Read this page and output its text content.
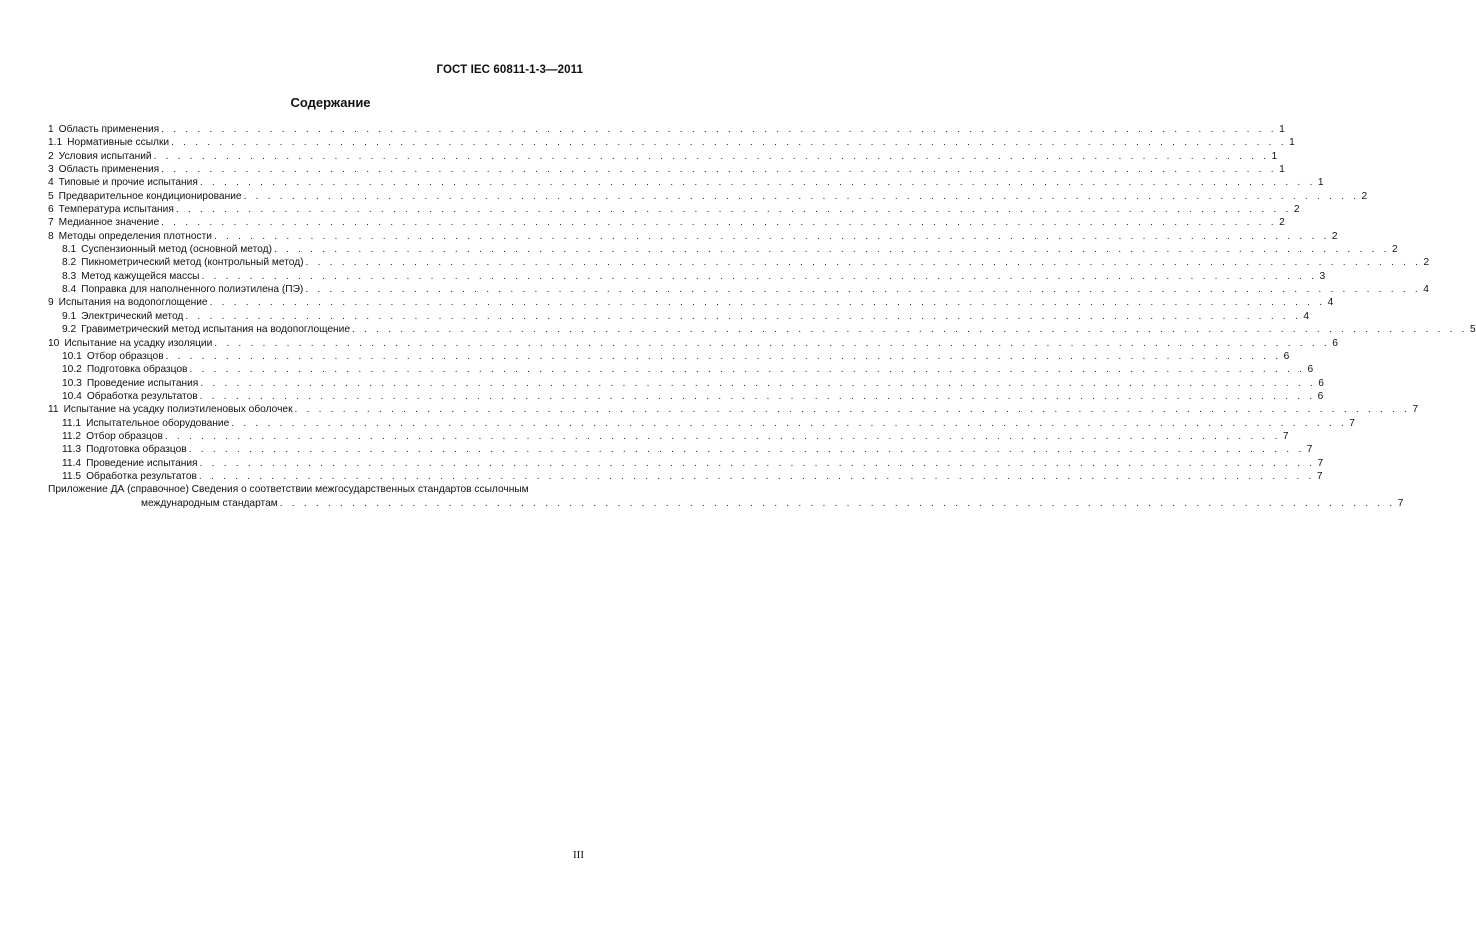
ГОСТ IEC 60811-1-3—2011
Содержание
1 Область применения . . . . . . . . . . . . . . . . . . . . . . . . . . . . . . . . . . . . . . . . . . . . . . . . . . . . . . . . . . . . . . . . . . . . . . . . . . . . . . . . . . . . . . . . . . . . . 1
1.1 Нормативные ссылки . . . . . . . . . . . . . . . . . . . . . . . . . . . . . . . . . . . . . . . . . . . . . . . . . . . . . . . . . . . . . . . . . . . . . . . . . . . . . . . . . . . . . . . . . . . . . 1
2 Условия испытаний . . . . . . . . . . . . . . . . . . . . . . . . . . . . . . . . . . . . . . . . . . . . . . . . . . . . . . . . . . . . . . . . . . . . . . . . . . . . . . . . . . . . . . . . . . . . . 1
3 Область применения . . . . . . . . . . . . . . . . . . . . . . . . . . . . . . . . . . . . . . . . . . . . . . . . . . . . . . . . . . . . . . . . . . . . . . . . . . . . . . . . . . . . . . . . . . . . . 1
4 Типовые и прочие испытания . . . . . . . . . . . . . . . . . . . . . . . . . . . . . . . . . . . . . . . . . . . . . . . . . . . . . . . . . . . . . . . . . . . . . . . . . . . . . . . . . . . . . . . . . . . . . 1
5 Предварительное кондиционирование . . . . . . . . . . . . . . . . . . . . . . . . . . . . . . . . . . . . . . . . . . . . . . . . . . . . . . . . . . . . . . . . . . . . . . . . . . . . . . . . . . . . . . . . . . . . . 2
6 Температура испытания . . . . . . . . . . . . . . . . . . . . . . . . . . . . . . . . . . . . . . . . . . . . . . . . . . . . . . . . . . . . . . . . . . . . . . . . . . . . . . . . . . . . . . . . . . . . . 2
7 Медианное значение . . . . . . . . . . . . . . . . . . . . . . . . . . . . . . . . . . . . . . . . . . . . . . . . . . . . . . . . . . . . . . . . . . . . . . . . . . . . . . . . . . . . . . . . . . . . . 2
8 Методы определения плотности . . . . . . . . . . . . . . . . . . . . . . . . . . . . . . . . . . . . . . . . . . . . . . . . . . . . . . . . . . . . . . . . . . . . . . . . . . . . . . . . . . . . . . . . . . . . . 2
8.1 Суспензионный метод (основной метод) . . . . . . . . . . . . . . . . . . . . . . . . . . . . . . . . . . . . . . . . . . . . . . . . . . . . . . . . . . . . . . . . . . . . . . . . . . . . . . . . . . . . . . . . . . . . . 2
8.2 Пикнометрический метод (контрольный метод) . . . . . . . . . . . . . . . . . . . . . . . . . . . . . . . . . . . . . . . . . . . . . . . . . . . . . . . . . . . . . . . . . . . . . . . . . . . . . . . . . . . . . . . . . . . . . 2
8.3 Метод кажущейся массы . . . . . . . . . . . . . . . . . . . . . . . . . . . . . . . . . . . . . . . . . . . . . . . . . . . . . . . . . . . . . . . . . . . . . . . . . . . . . . . . . . . . . . . . . . . . . 3
8.4 Поправка для наполненного полиэтилена (ПЭ) . . . . . . . . . . . . . . . . . . . . . . . . . . . . . . . . . . . . . . . . . . . . . . . . . . . . . . . . . . . . . . . . . . . . . . . . . . . . . . . . . . . . . . . . . . . . . 4
9 Испытания на водопоглощение . . . . . . . . . . . . . . . . . . . . . . . . . . . . . . . . . . . . . . . . . . . . . . . . . . . . . . . . . . . . . . . . . . . . . . . . . . . . . . . . . . . . . . . . . . . . . 4
9.1 Электрический метод . . . . . . . . . . . . . . . . . . . . . . . . . . . . . . . . . . . . . . . . . . . . . . . . . . . . . . . . . . . . . . . . . . . . . . . . . . . . . . . . . . . . . . . . . . . . . 4
9.2 Гравиметрический метод испытания на водопоглощение . . . . . . . . . . . . . . . . . . . . . . . . . . . . . . . . . . . . . . . . . . . . . . . . . . . . . . . . . . . . . . . . . . . . . . . . . . . . . . . . . . . . . . . . . . . . . 5
10 Испытание на усадку изоляции . . . . . . . . . . . . . . . . . . . . . . . . . . . . . . . . . . . . . . . . . . . . . . . . . . . . . . . . . . . . . . . . . . . . . . . . . . . . . . . . . . . . . . . . . . . . . 6
10.1 Отбор образцов . . . . . . . . . . . . . . . . . . . . . . . . . . . . . . . . . . . . . . . . . . . . . . . . . . . . . . . . . . . . . . . . . . . . . . . . . . . . . . . . . . . . . . . . . . . . . 6
10.2 Подготовка образцов . . . . . . . . . . . . . . . . . . . . . . . . . . . . . . . . . . . . . . . . . . . . . . . . . . . . . . . . . . . . . . . . . . . . . . . . . . . . . . . . . . . . . . . . . . . . . 6
10.3 Проведение испытания . . . . . . . . . . . . . . . . . . . . . . . . . . . . . . . . . . . . . . . . . . . . . . . . . . . . . . . . . . . . . . . . . . . . . . . . . . . . . . . . . . . . . . . . . . . . . 6
10.4 Обработка результатов . . . . . . . . . . . . . . . . . . . . . . . . . . . . . . . . . . . . . . . . . . . . . . . . . . . . . . . . . . . . . . . . . . . . . . . . . . . . . . . . . . . . . . . . . . . . . 6
11 Испытание на усадку полиэтиленовых оболочек . . . . . . . . . . . . . . . . . . . . . . . . . . . . . . . . . . . . . . . . . . . . . . . . . . . . . . . . . . . . . . . . . . . . . . . . . . . . . . . . . . . . . . . . . . . . . 7
11.1 Испытательное оборудование . . . . . . . . . . . . . . . . . . . . . . . . . . . . . . . . . . . . . . . . . . . . . . . . . . . . . . . . . . . . . . . . . . . . . . . . . . . . . . . . . . . . . . . . . . . . . 7
11.2 Отбор образцов . . . . . . . . . . . . . . . . . . . . . . . . . . . . . . . . . . . . . . . . . . . . . . . . . . . . . . . . . . . . . . . . . . . . . . . . . . . . . . . . . . . . . . . . . . . . . 7
11.3 Подготовка образцов . . . . . . . . . . . . . . . . . . . . . . . . . . . . . . . . . . . . . . . . . . . . . . . . . . . . . . . . . . . . . . . . . . . . . . . . . . . . . . . . . . . . . . . . . . . . . 7
11.4 Проведение испытания . . . . . . . . . . . . . . . . . . . . . . . . . . . . . . . . . . . . . . . . . . . . . . . . . . . . . . . . . . . . . . . . . . . . . . . . . . . . . . . . . . . . . . . . . . . . . 7
11.5 Обработка результатов . . . . . . . . . . . . . . . . . . . . . . . . . . . . . . . . . . . . . . . . . . . . . . . . . . . . . . . . . . . . . . . . . . . . . . . . . . . . . . . . . . . . . . . . . . . . . 7
Приложение ДА (справочное) Сведения о соответствии межгосударственных стандартов ссылочным
международным стандартам . . . . . . . . . . . . . . . . . . . . . . . . . . . . . . . . . . . . . . . . . . . . . . . . . . . . . . . . . . . . . . . . . . . . . . . . . . . . . . . . . . . . . . . . . . . . . 7
III
